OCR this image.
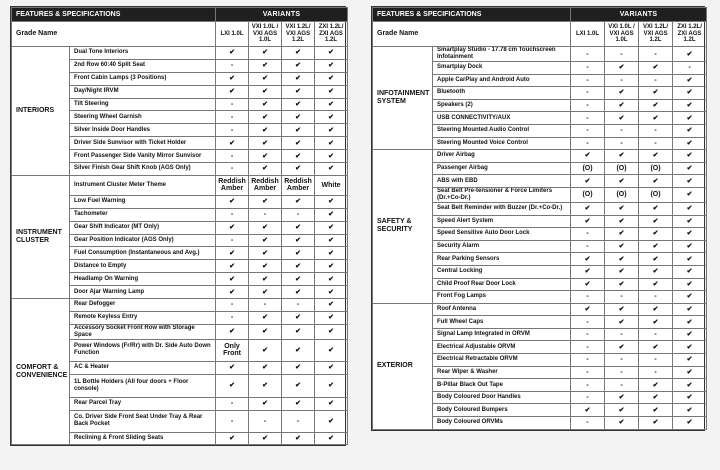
FEATURES & SPECIFICATIONS		VARIANTS			
Grade Name		LXI 1.0L	VXI 1.0L / VXI AGS 1.0L	VXI 1.2L/ VXI AGS 1.2L	ZXI 1.2L/ ZXI AGS 1.2L
INTERIORS	Dual Tone Interiors	✔	✔	✔	✔
	2nd Row 60:40 Split Seat	-	✔	✔	✔
	Front Cabin Lamps (3 Positions)	✔	✔	✔	✔
	Day/Night IRVM	✔	✔	✔	✔
	Tilt Steering	-	✔	✔	✔
	Steering Wheel Garnish	-	✔	✔	✔
	Silver Inside Door Handles	-	✔	✔	✔
	Driver Side Sunvisor with Ticket Holder	✔	✔	✔	✔
	Front Passenger Side Vanity Mirror Sunvisor	-	✔	✔	✔
	Silver Finish Gear Shift Knob (AGS Only)	-	✔	✔	✔
INSTRUMENT CLUSTER	Instrument Cluster Meter Theme	Reddish Amber	Reddish Amber	Reddish Amber	White
	Low Fuel Warning	✔	✔	✔	✔
	Tachometer	-	-	-	✔
	Gear Shift Indicator (MT Only)	✔	✔	✔	✔
	Gear Position Indicator (AGS Only)	-	✔	✔	✔
	Fuel Consumption (Instantaneous and Avg.)	✔	✔	✔	✔
	Distance to Empty	✔	✔	✔	✔
	Headlamp On Warning	✔	✔	✔	✔
	Door Ajar Warning Lamp	✔	✔	✔	✔
COMFORT & CONVENIENCE	Rear Defogger	-	-	-	✔
	Remote Keyless Entry	-	✔	✔	✔
	Accessory Socket Front Row with Storage Space	✔	✔	✔	✔
	Power Windows (Fr/Rr) with Dr. Side Auto Down Function	Only Front	✔	✔	✔
	AC & Heater	✔	✔	✔	✔
	1L Bottle Holders (All four doors + Floor console)	✔	✔	✔	✔
	Rear Parcel Tray	-	✔	✔	✔
	Co. Driver Side Front Seat Under Tray & Rear Back Pocket	-	-	-	✔
	Reclining & Front Sliding Seats	✔	✔	✔	✔
FEATURES & SPECIFICATIONS		VARIANTS			
Grade Name		LXI 1.0L	VXI 1.0L / VXI AGS 1.0L	VXI 1.2L/ VXI AGS 1.2L	ZXI 1.2L/ ZXI AGS 1.2L
INFOTAINMENT SYSTEM	Smartplay Studio - 17.78 cm Touchscreen Infotainment	-	-	-	✔
	Smartplay Dock	-	✔	✔	-
	Apple CarPlay and Android Auto	-	-	-	✔
	Bluetooth	-	✔	✔	✔
	Speakers (2)	-	✔	✔	✔
	USB CONNECTIVITY/AUX	-	✔	✔	✔
	Steering Mounted Audio Control	-	-	-	✔
	Steering Mounted Voice Control	-	-	-	✔
SAFETY & SECURITY	Driver Airbag	✔	✔	✔	✔
	Passenger Airbag	(O)	(O)	(O)	✔
	ABS with EBD	✔	✔	✔	✔
	Seat Belt Pre-tensioner & Force Limiters (Dr.+Co-Dr.)	(O)	(O)	(O)	✔
	Seat Belt Reminder with Buzzer (Dr.+Co-Dr.)	✔	✔	✔	✔
	Speed Alert System	✔	✔	✔	✔
	Speed Sensitive Auto Door Lock	-	✔	✔	✔
	Security Alarm	-	✔	✔	✔
	Rear Parking Sensors	✔	✔	✔	✔
	Central Locking	✔	✔	✔	✔
	Child Proof Rear Door Lock	✔	✔	✔	✔
	Front Fog Lamps	-	-	-	✔
EXTERIOR	Roof Antenna	✔	✔	✔	✔
	Full Wheel Caps	-	✔	✔	✔
	Signal Lamp Integrated in ORVM	-	-	-	✔
	Electrical Adjustable ORVM	-	✔	✔	✔
	Electrical Retractable ORVM	-	-	-	✔
	Rear Wiper & Washer	-	-	-	✔
	B-Pillar Black Out Tape	-	-	✔	✔
	Body Coloured Door Handles	-	✔	✔	✔
	Body Coloured Bumpers	✔	✔	✔	✔
	Body Coloured ORVMs	-	✔	✔	✔
